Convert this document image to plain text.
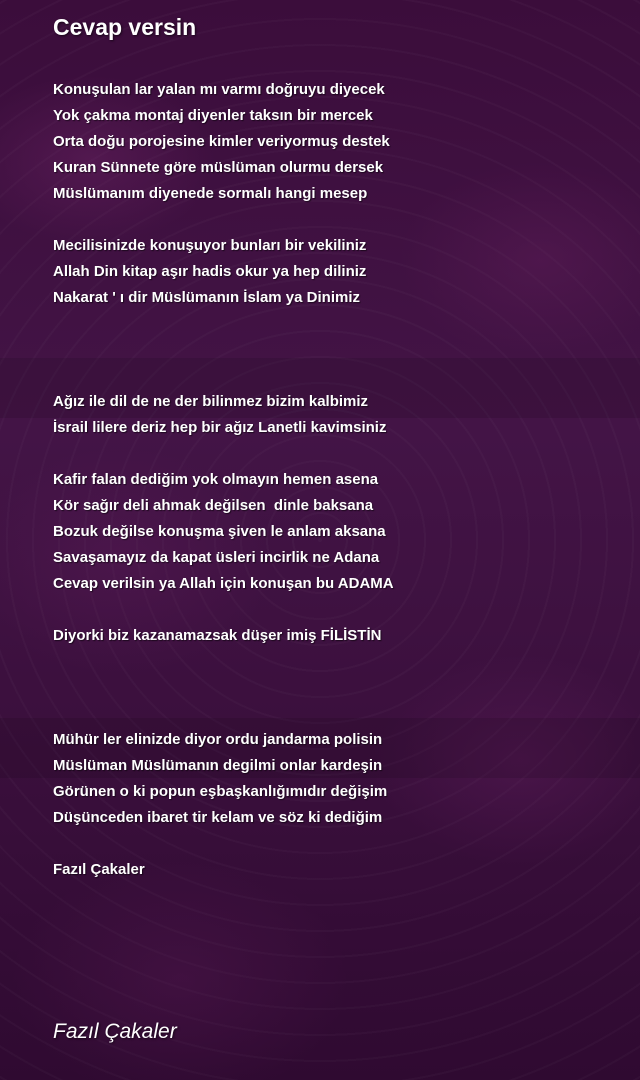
Cevap versin
Konuşulan lar yalan mı varmı doğruyu diyecek
Yok çakma montaj diyenler taksın bir mercek
Orta doğu porojesine kimler veriyormuş destek
Kuran Sünnete göre müslüman olurmu dersek
Müslümanım diyenede sormalı hangi mesep
Mecilisinizde konuşuyor bunları bir vekiliniz
Allah Din kitap aşır hadis okur ya hep diliniz
Nakarat ' ı dir Müslümanın İslam ya Dinimiz
Ağız ile dil de ne der bilinmez bizim kalbimiz
İsrail lilere deriz hep bir ağız Lanetli kavimsiniz
Kafir falan dediğim yok olmayın hemen asena
Kör sağır deli ahmak değilsen  dinle baksana
Bozuk değilse konuşma şiven le anlam aksana
Savaşamayız da kapat üsleri incirlik ne Adana
Cevap verilsin ya Allah için konuşan bu ADAMA
Diyorki biz kazanamazsak düşer imiş FİLİSTİN
Mühür ler elinizde diyor ordu jandarma polisin
Müslüman Müslümanın degilmi onlar kardeşin
Görünen o ki popun eşbaşkanlığımıdır değişim
Düşünceden ibaret tir kelam ve söz ki dediğim
Fazıl Çakaler
Fazıl Çakaler
